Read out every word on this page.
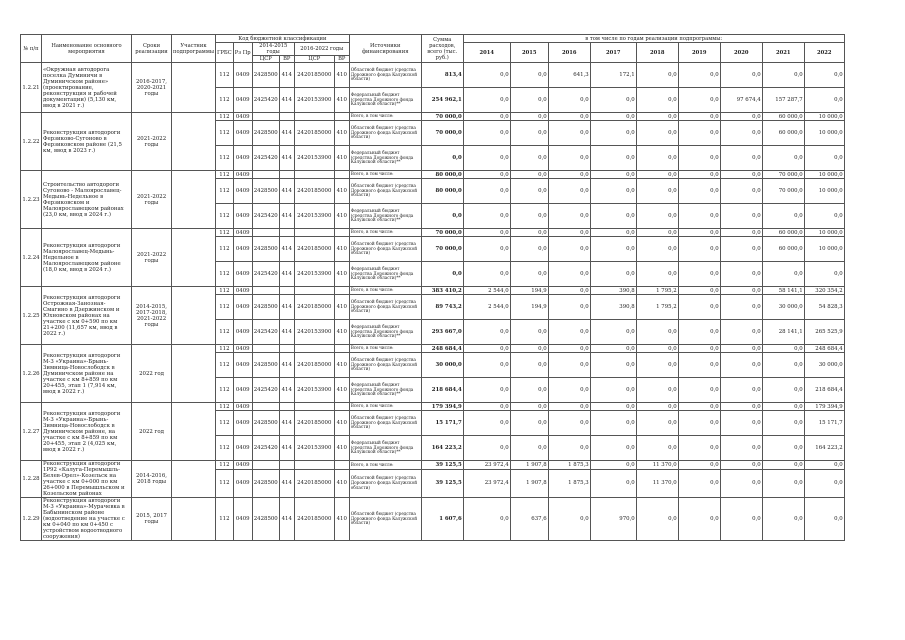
№ п/п	Наименование основного мероприятия	Сроки реализации	Участник подпрограммы	Код бюджетной классификации						Источники финансирования	Сумма расходов, всего (тыс. руб.)	в том числе по годам реализации подпрограммы:								
				ГРБС	Рз Пр	2014-2015 годы		2016-2022 годы				2014	2015	2016	2017	2018	2019	2020	2021	2022
						ЦСР	ВР	ЦСР	ВР											
1.2.21	«Окружная автодорога поселка Думиничи в Думиничском районе» (проектирование, реконструкция и рабочей документации) (5,130 км, ввод в 2021 г.)	2016-2017, 2020-2021 годы		112	0409	2428500	414	2420185000	410	Областной бюджет (средства Дорожного фонда Калужской области)	813,4	0,0	0,0	641,3	172,1	0,0	0,0	0,0	0,0	0,0
				112	0409	2425420	414	2420153900	410	Федеральный бюджет (средства Дорожного фонда Калужской области)**	254 962,1	0,0	0,0	0,0	0,0	0,0	0,0	97 674,4	157 287,7	0,0
1.2.22	Реконструкция автодороги Ферзиково-Сугоново в Ферзиковском районе (21,5 км, ввод в 2023 г.)	2021-2022 годы		112	0409					Всего, в том числе:	70 000,0	0,0	0,0	0,0	0,0	0,0	0,0	0,0	60 000,0	10 000,0
				112	0409	2428500	414	2420185000	410	Областной бюджет (средства Дорожного фонда Калужской области)	70 000,0	0,0	0,0	0,0	0,0	0,0	0,0	0,0	60 000,0	10 000,0
				112	0409	2425420	414	2420153900	410	Федеральный бюджет (средства Дорожного фонда Калужской области)**	0,0	0,0	0,0	0,0	0,0	0,0	0,0	0,0	0,0	0,0
1.2.23	Строительство автодороги Сугоново - Малоярославец-Медынь-Недельное в Ферзиковском и Малоярославецком районах (23,0 км, ввод в 2024 г.)	2021-2022 годы		112	0409					Всего, в том числе:	80 000,0	0,0	0,0	0,0	0,0	0,0	0,0	0,0	70 000,0	10 000,0
				112	0409	2428500	414	2420185000	410	Областной бюджет (средства Дорожного фонда Калужской области)	80 000,0	0,0	0,0	0,0	0,0	0,0	0,0	0,0	70 000,0	10 000,0
				112	0409	2425420	414	2420153900	410	Федеральный бюджет (средства Дорожного фонда Калужской области)**	0,0	0,0	0,0	0,0	0,0	0,0	0,0	0,0	0,0	0,0
1.2.24	Реконструкция автодороги Малоярославец-Медынь-Недельное в Малоярославецком районе (18,0 км, ввод в 2024 г.)	2021-2022 годы		112	0409					Всего, в том числе:	70 000,0	0,0	0,0	0,0	0,0	0,0	0,0	0,0	60 000,0	10 000,0
				112	0409	2428500	414	2420185000	410	Областной бюджет (средства Дорожного фонда Калужской области)	70 000,0	0,0	0,0	0,0	0,0	0,0	0,0	0,0	60 000,0	10 000,0
				112	0409	2425420	414	2420153900	410	Федеральный бюджет (средства Дорожного фонда Калужской области)**	0,0	0,0	0,0	0,0	0,0	0,0	0,0	0,0	0,0	0,0
1.2.25	Реконструкция автодороги Острожная-Занозная-Смагино в Дзержинском и Юхновском районах на участке с км 0+590 по км 21+200 (11,657 км, ввод в 2022 г.)	2014-2015, 2017-2018, 2021-2022 годы		112	0409					Всего, в том числе:	383 410,2	2 544,0	194,9	0,0	390,8	1 795,2	0,0	0,0	58 141,1	320 354,2
				112	0409	2428500	414	2420185000	410	Областной бюджет (средства Дорожного фонда Калужской области)	89 743,2	2 544,0	194,9	0,0	390,8	1 795,2	0,0	0,0	30 000,0	54 828,3
				112	0409	2425420	414	2420153900	410	Федеральный бюджет (средства Дорожного фонда Калужской области)**	293 667,0	0,0	0,0	0,0	0,0	0,0	0,0	0,0	28 141,1	265 525,9
1.2.26	Реконструкция автодороги М-3 «Украина»-Брынь-Зимница-Новослободск в Думиничском районе на участке с км 8+859 по км 20+455, этап 1 (7,914 км, ввод в 2022 г.)	2022 год		112	0409					Всего, в том числе:	248 684,4	0,0	0,0	0,0	0,0	0,0	0,0	0,0	0,0	248 684,4
				112	0409	2428500	414	2420185000	410	Областной бюджет (средства Дорожного фонда Калужской области)	30 000,0	0,0	0,0	0,0	0,0	0,0	0,0	0,0	0,0	30 000,0
				112	0409	2425420	414	2420153900	410	Федеральный бюджет (средства Дорожного фонда Калужской области)**	218 684,4	0,0	0,0	0,0	0,0	0,0	0,0	0,0	0,0	218 684,4
1.2.27	Реконструкция автодороги М-3 «Украина»-Брынь-Зимница-Новослободск в Думиничском районе, на участке с км 8+859 по км 20+455, этап 2 (4,025 км, ввод в 2022 г.)	2022 год		112	0409					Всего, в том числе:	179 394,9	0,0	0,0	0,0	0,0	0,0	0,0	0,0	0,0	179 394,9
				112	0409	2428500	414	2420185000	410	Областной бюджет (средства Дорожного фонда Калужской области)	15 171,7	0,0	0,0	0,0	0,0	0,0	0,0	0,0	0,0	15 171,7
				112	0409	2425420	414	2420153900	410	Федеральный бюджет (средства Дорожного фонда Калужской области)**	164 223,2	0,0	0,0	0,0	0,0	0,0	0,0	0,0	0,0	164 223,2
1.2.28	Реконструкция автодороги 1Р92 «Калуга-Перемышль-Белев-Орел»-Козельск на участке с км 0+000 по км 26+000 в Перемышльском и Козельском районах	2014-2016, 2018 годы		112	0409					Всего, в том числе:	39 125,5	23 972,4	1 907,8	1 875,3	0,0	11 370,0	0,0	0,0	0,0	0,0
				112	0409	2428500	414	2420185000	410	Областной бюджет (средства Дорожного фонда Калужской области)	39 125,5	23 972,4	1 907,8	1 875,3	0,0	11 370,0	0,0	0,0	0,0	0,0
1.2.29	Реконструкция автодороги М-3 «Украина»-Мурачевка в Бабынинском районе (водоотведение на участке с км 0+040 по км 0+450 с устройством водоотводного сооружения)	2015, 2017 годы		112	0409	2428500	414	2420185000	410	Областной бюджет (средства Дорожного фонда Калужской области)	1 607,6	0,0	637,6	0,0	970,0	0,0	0,0	0,0	0,0	0,0
